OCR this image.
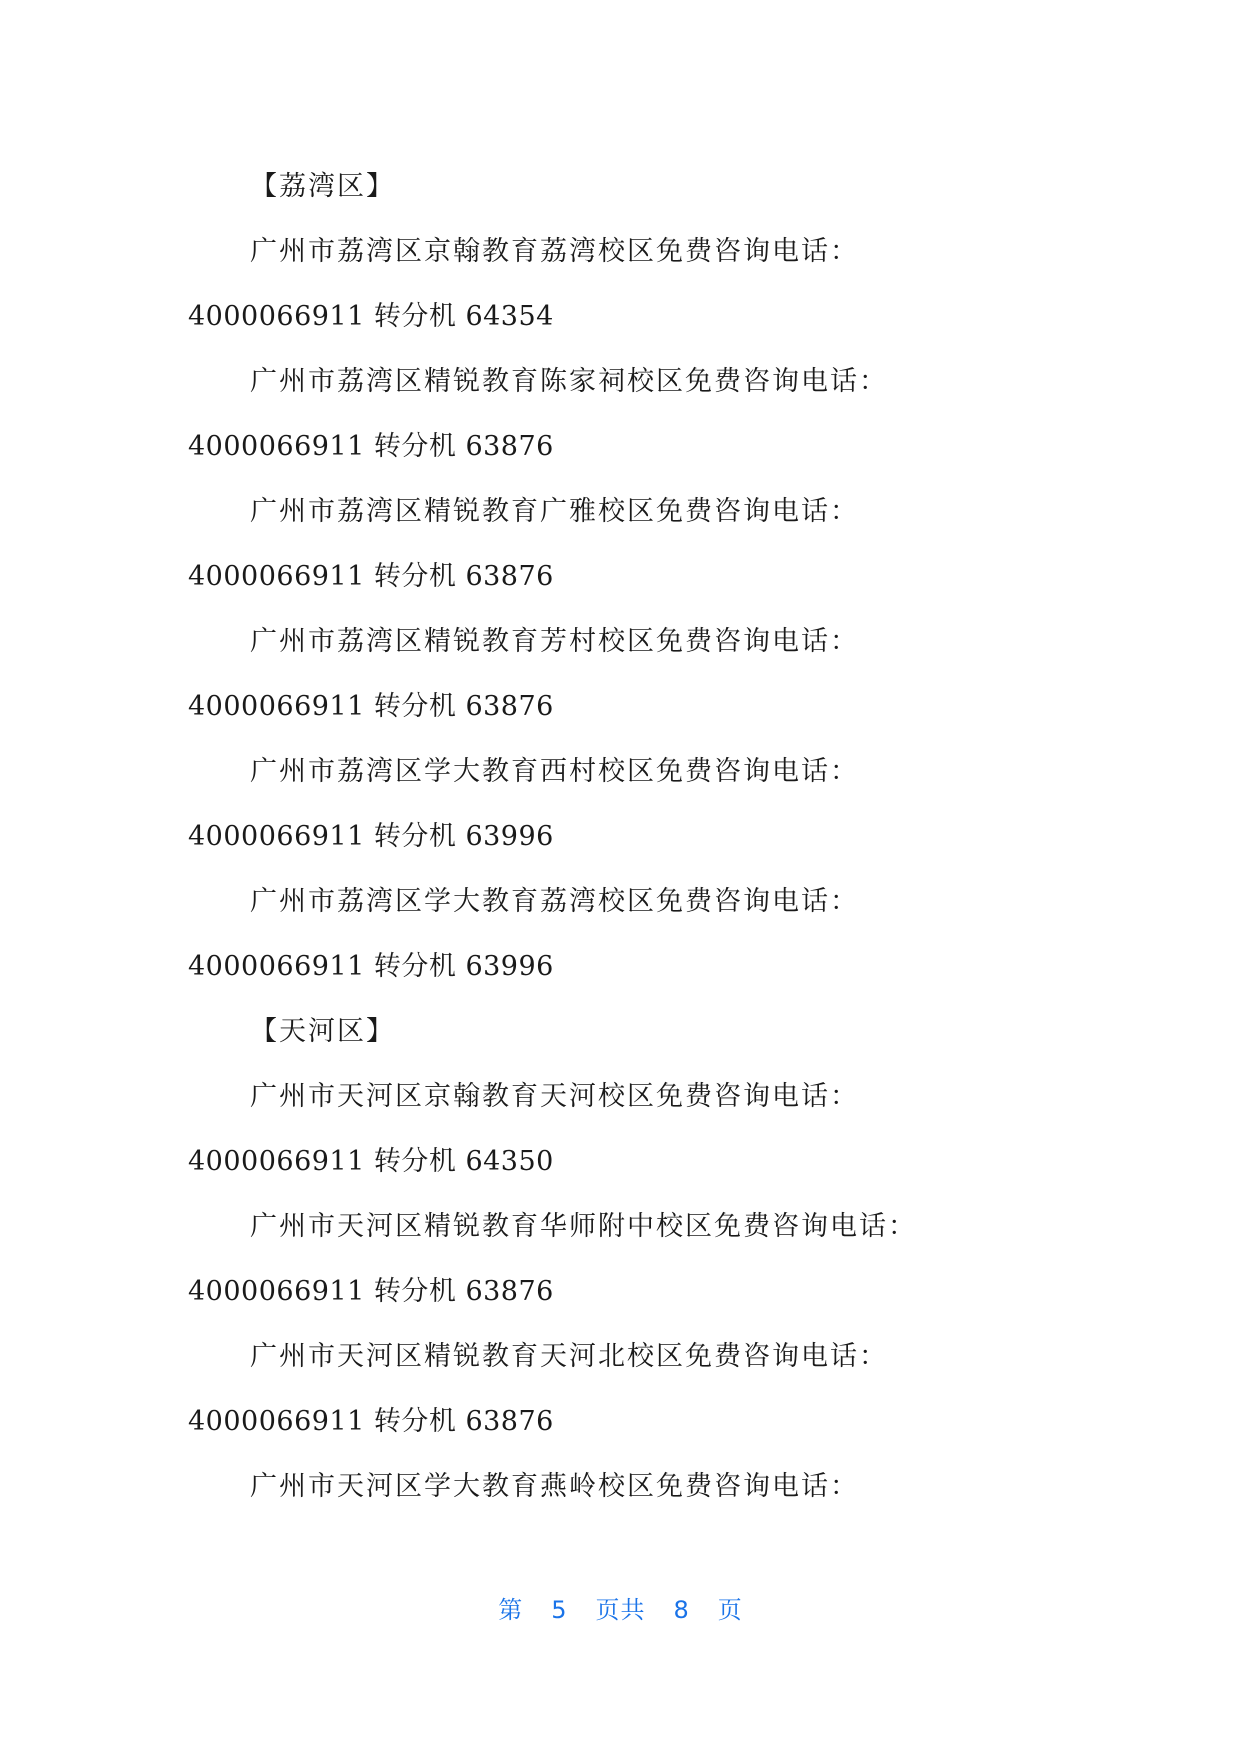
【荔湾区】
广州市荔湾区京翰教育荔湾校区免费咨询电话：
4000066911 转分机 64354
广州市荔湾区精锐教育陈家祠校区免费咨询电话：
4000066911 转分机 63876
广州市荔湾区精锐教育广雅校区免费咨询电话：
4000066911 转分机 63876
广州市荔湾区精锐教育芳村校区免费咨询电话：
4000066911 转分机 63876
广州市荔湾区学大教育西村校区免费咨询电话：
4000066911 转分机 63996
广州市荔湾区学大教育荔湾校区免费咨询电话：
4000066911 转分机 63996
【天河区】
广州市天河区京翰教育天河校区免费咨询电话：
4000066911 转分机 64350
广州市天河区精锐教育华师附中校区免费咨询电话：
4000066911 转分机 63876
广州市天河区精锐教育天河北校区免费咨询电话：
4000066911 转分机 63876
广州市天河区学大教育燕岭校区免费咨询电话：
第 5 页共 8 页
